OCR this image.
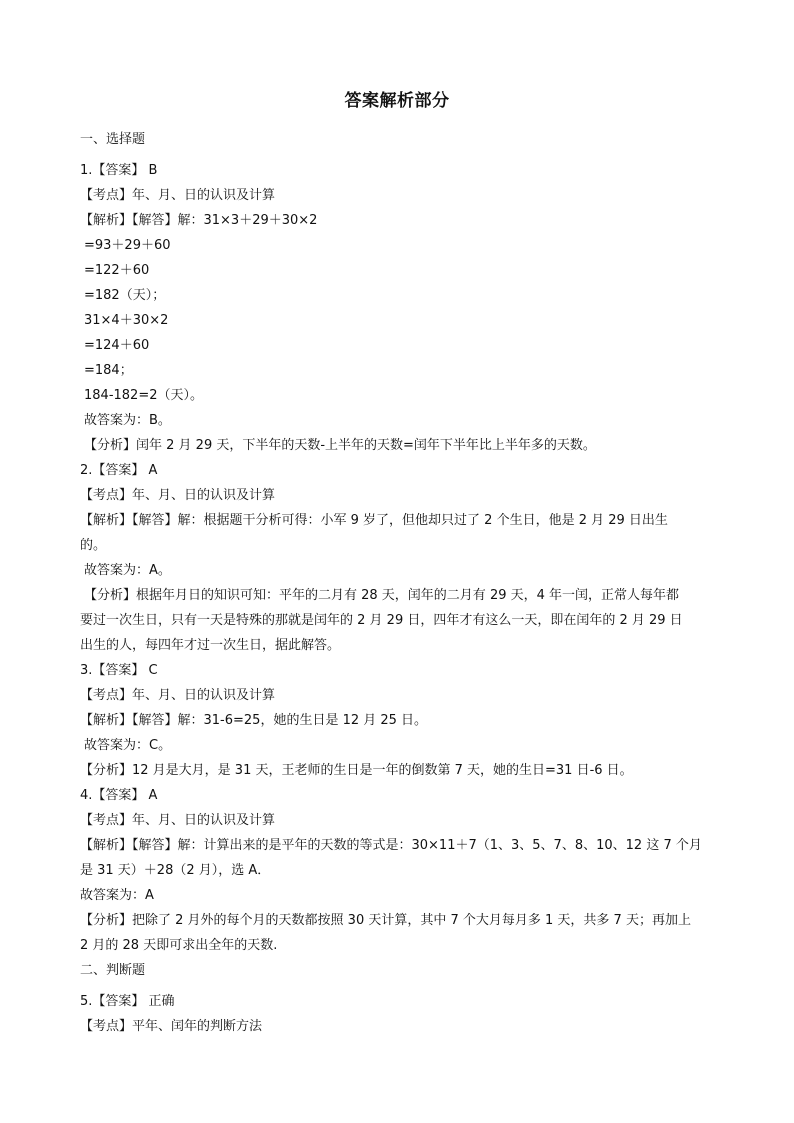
答案解析部分
一、选择题
1.【答案】 B
【考点】年、月、日的认识及计算
【解析】【解答】解：31×3＋29＋30×2
=93＋29＋60
=122＋60
=182（天）；
31×4＋30×2
=124＋60
=184；
184-182=2（天）。
故答案为：B。
【分析】闰年 2 月 29 天，下半年的天数-上半年的天数=闰年下半年比上半年多的天数。
2.【答案】 A
【考点】年、月、日的认识及计算
【解析】【解答】解：根据题干分析可得：小军 9 岁了，但他却只过了 2 个生日，他是 2 月 29 日出生
的。
故答案为：A。
【分析】根据年月日的知识可知：平年的二月有 28 天，闰年的二月有 29 天，4 年一闰，正常人每年都
要过一次生日，只有一天是特殊的那就是闰年的 2 月 29 日，四年才有这么一天，即在闰年的 2 月 29 日
出生的人，每四年才过一次生日，据此解答。
3.【答案】 C
【考点】年、月、日的认识及计算
【解析】【解答】解：31-6=25，她的生日是 12 月 25 日。
故答案为：C。
【分析】12 月是大月，是 31 天，王老师的生日是一年的倒数第 7 天，她的生日=31 日-6 日。
4.【答案】 A
【考点】年、月、日的认识及计算
【解析】【解答】解：计算出来的是平年的天数的等式是：30×11＋7（1、3、5、7、8、10、12 这 7 个月
是 31 天）＋28（2 月），选 A．
故答案为：A
【分析】把除了 2 月外的每个月的天数都按照 30 天计算，其中 7 个大月每月多 1 天，共多 7 天；再加上
2 月的 28 天即可求出全年的天数.
二、判断题
5.【答案】 正确
【考点】平年、闰年的判断方法
